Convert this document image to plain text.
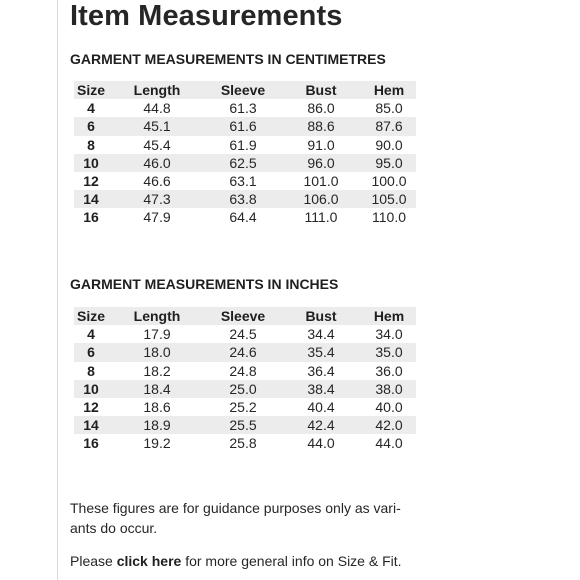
Item Measurements
GARMENT MEASUREMENTS IN CENTIMETRES
Size	Length	Sleeve	Bust	Hem
4	44.8	61.3	86.0	85.0
6	45.1	61.6	88.6	87.6
8	45.4	61.9	91.0	90.0
10	46.0	62.5	96.0	95.0
12	46.6	63.1	101.0	100.0
14	47.3	63.8	106.0	105.0
16	47.9	64.4	111.0	110.0
GARMENT MEASUREMENTS IN INCHES
Size	Length	Sleeve	Bust	Hem
4	17.9	24.5	34.4	34.0
6	18.0	24.6	35.4	35.0
8	18.2	24.8	36.4	36.0
10	18.4	25.0	38.4	38.0
12	18.6	25.2	40.4	40.0
14	18.9	25.5	42.4	42.0
16	19.2	25.8	44.0	44.0

These figures are for guidance purposes only as vari-ants do occur.

Please click here for more general info on Size & Fit.
